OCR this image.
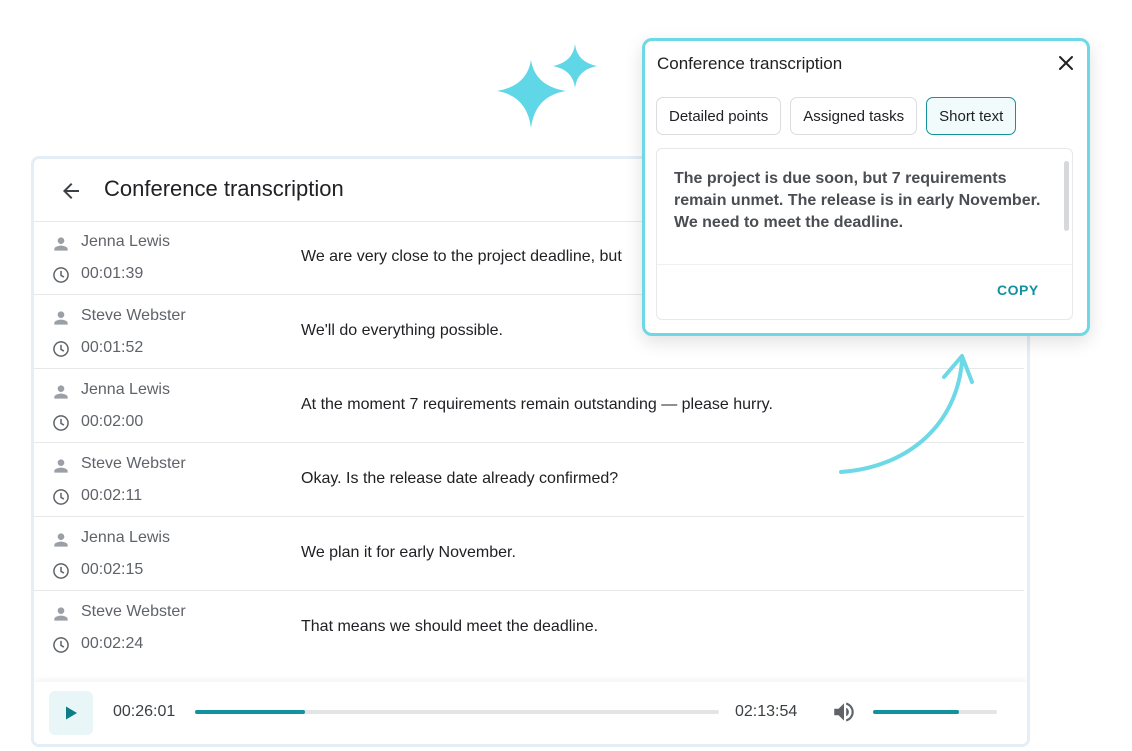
Conference transcription
Jenna Lewis
00:01:39
We are very close to the project deadline, but
Steve Webster
00:01:52
We'll do everything possible.
Jenna Lewis
00:02:00
At the moment 7 requirements remain outstanding — please hurry.
Steve Webster
00:02:11
Okay. Is the release date already confirmed?
Jenna Lewis
00:02:15
We plan it for early November.
Steve Webster
00:02:24
That means we should meet the deadline.
00:26:01	02:13:54
Conference transcription
Detailed points	Assigned tasks	Short text
The project is due soon, but 7 requirements remain unmet. The release is in early November. We need to meet the deadline.
COPY
